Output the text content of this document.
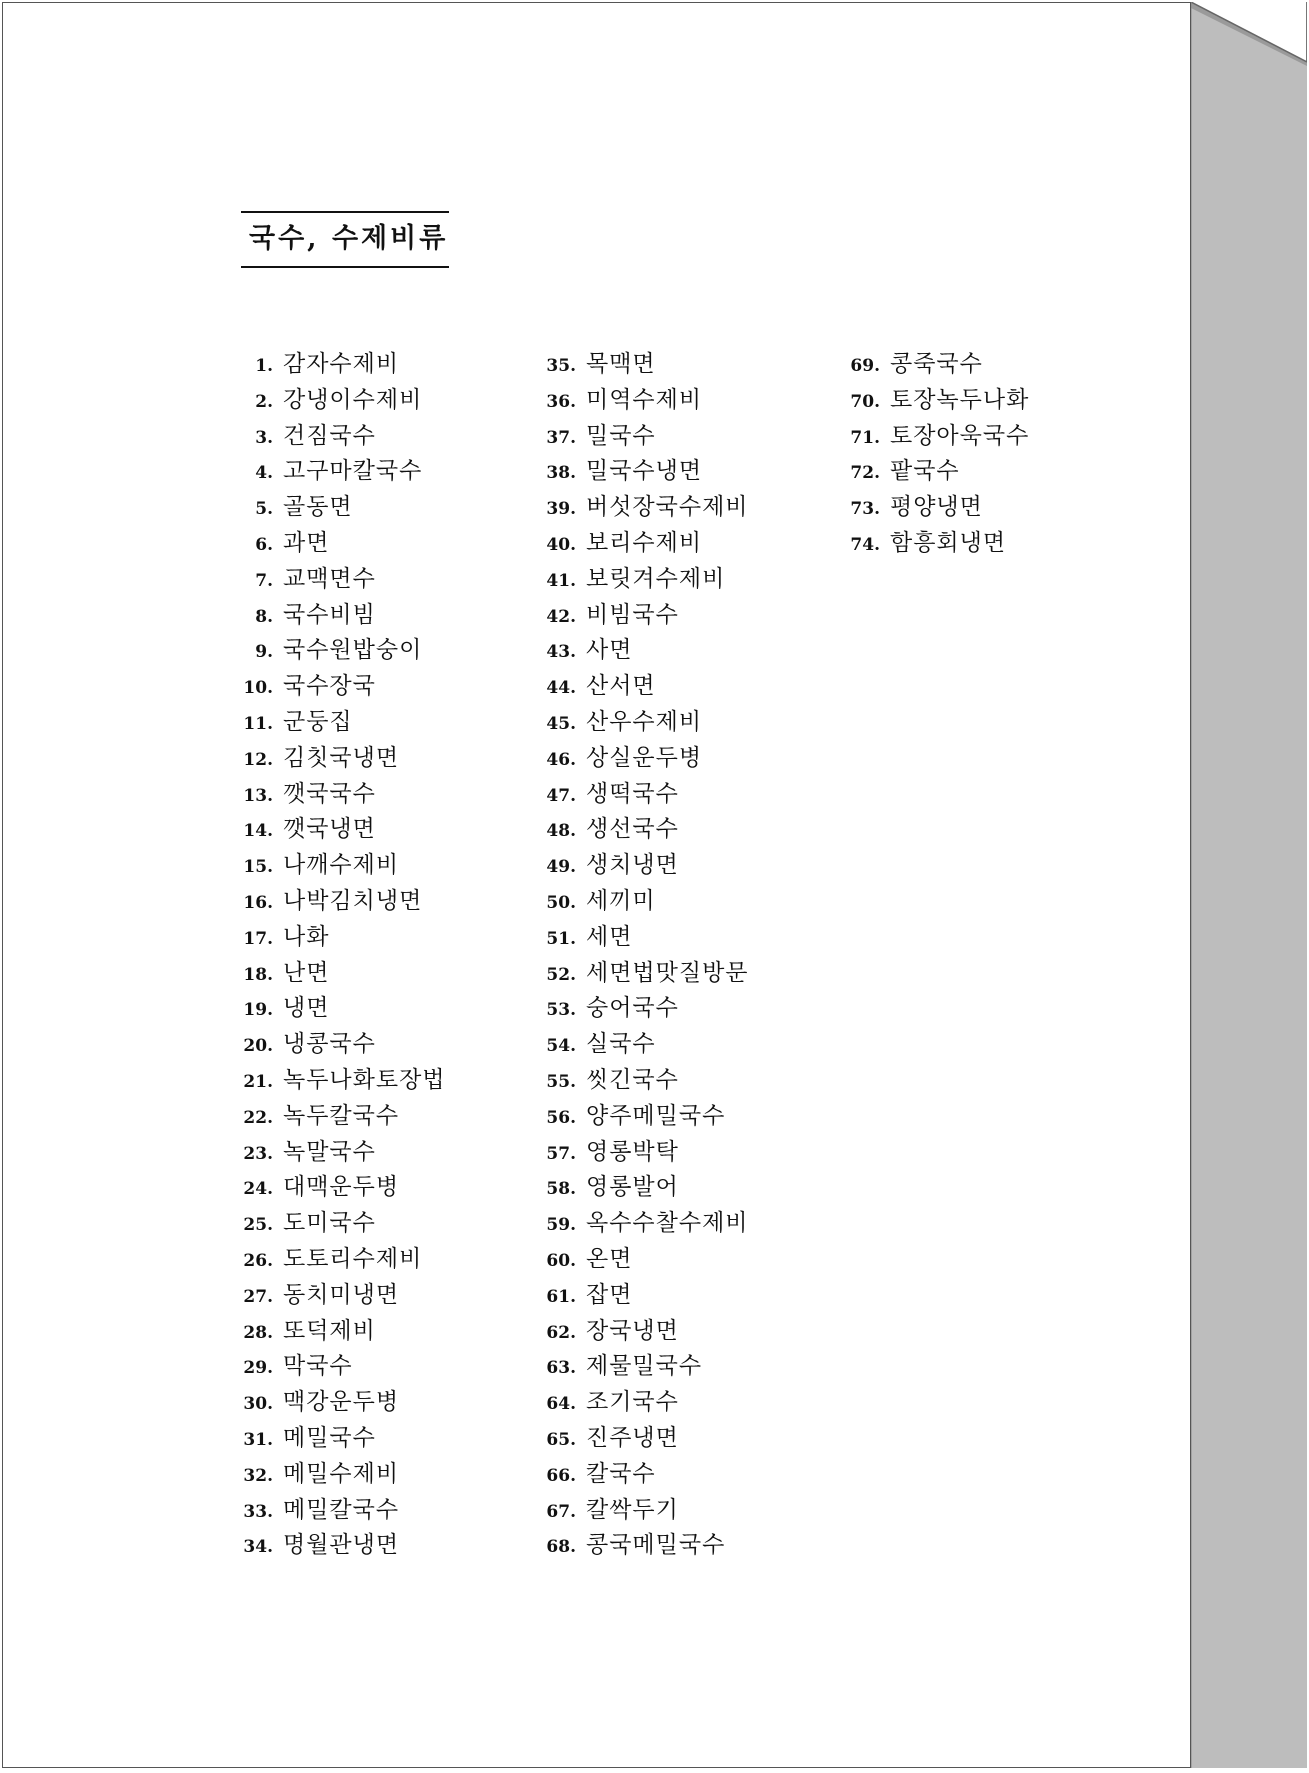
국수, 수제비류
1. 감자수제비
2. 강냉이수제비
3. 건짐국수
4. 고구마칼국수
5. 골동면
6. 과면
7. 교맥면수
8. 국수비빔
9. 국수원밥숭이
10. 국수장국
11. 군둥집
12. 김칫국냉면
13. 깻국국수
14. 깻국냉면
15. 나깨수제비
16. 나박김치냉면
17. 나화
18. 난면
19. 냉면
20. 냉콩국수
21. 녹두나화토장법
22. 녹두칼국수
23. 녹말국수
24. 대맥운두병
25. 도미국수
26. 도토리수제비
27. 동치미냉면
28. 또덕제비
29. 막국수
30. 맥강운두병
31. 메밀국수
32. 메밀수제비
33. 메밀칼국수
34. 명월관냉면
35. 목맥면
36. 미역수제비
37. 밀국수
38. 밀국수냉면
39. 버섯장국수제비
40. 보리수제비
41. 보릿겨수제비
42. 비빔국수
43. 사면
44. 산서면
45. 산우수제비
46. 상실운두병
47. 생떡국수
48. 생선국수
49. 생치냉면
50. 세끼미
51. 세면
52. 세면법맛질방문
53. 숭어국수
54. 실국수
55. 씻긴국수
56. 양주메밀국수
57. 영롱박탁
58. 영롱발어
59. 옥수수찰수제비
60. 온면
61. 잡면
62. 장국냉면
63. 제물밀국수
64. 조기국수
65. 진주냉면
66. 칼국수
67. 칼싹두기
68. 콩국메밀국수
69. 콩죽국수
70. 토장녹두나화
71. 토장아욱국수
72. 팥국수
73. 평양냉면
74. 함흥회냉면
